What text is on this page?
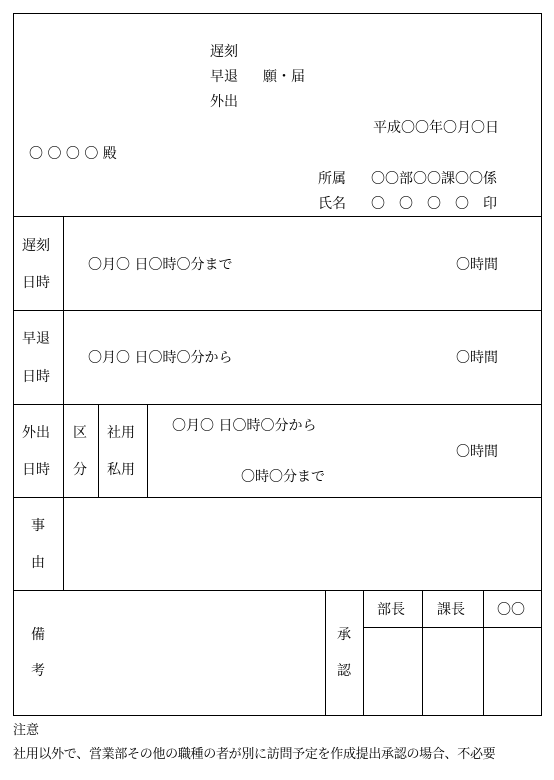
遅刻
早退 願・届
外出
平成〇〇年〇月〇日
〇 〇 〇 〇 殿
所属 〇〇部〇〇課〇〇係
氏名 〇　〇　〇　〇　印
遅刻
日時
〇月〇 日〇時〇分まで	〇時間
早退
日時
〇月〇 日〇時〇分から	〇時間
外出
日時
区
分
社用
私用
〇月〇 日〇時〇分から
〇時〇分まで
〇時間
事
由
備
考
承
認
部長 課長 〇〇
注意
社用以外で、営業部その他の職種の者が別に訪問予定を作成提出承認の場合、不必要
